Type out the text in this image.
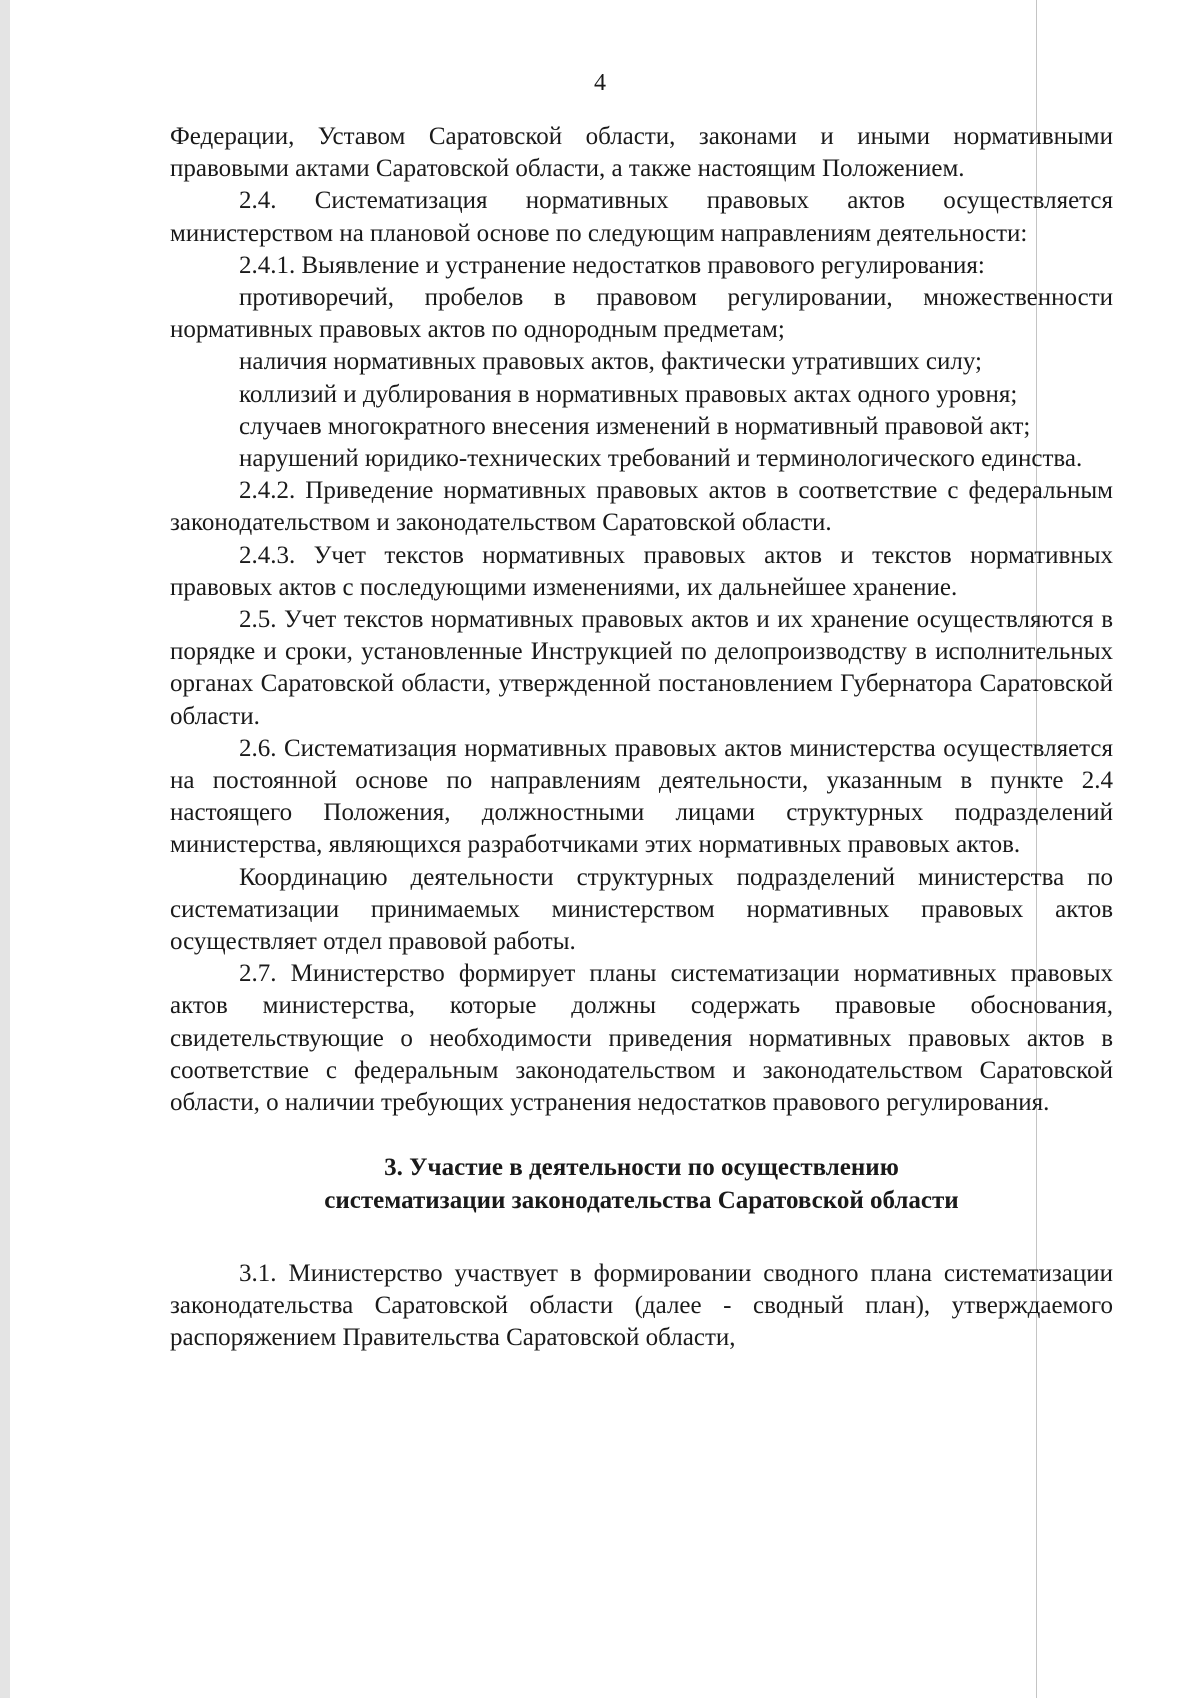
4

Федерации, Уставом Саратовской области, законами и иными нормативными правовыми актами Саратовской области, а также настоящим Положением.

2.4. Систематизация нормативных правовых актов осуществляется министерством на плановой основе по следующим направлениям деятельности:

2.4.1. Выявление и устранение недостатков правового регулирования:

противоречий, пробелов в правовом регулировании, множественности нормативных правовых актов по однородным предметам;

наличия нормативных правовых актов, фактически утративших силу;

коллизий и дублирования в нормативных правовых актах одного уровня;

случаев многократного внесения изменений в нормативный правовой акт;

нарушений юридико-технических требований и терминологического единства.

2.4.2. Приведение нормативных правовых актов в соответствие с федеральным законодательством и законодательством Саратовской области.

2.4.3. Учет текстов нормативных правовых актов и текстов нормативных правовых актов с последующими изменениями, их дальнейшее хранение.

2.5. Учет текстов нормативных правовых актов и их хранение осуществляются в порядке и сроки, установленные Инструкцией по делопроизводству в исполнительных органах Саратовской области, утвержденной постановлением Губернатора Саратовской области.

2.6. Систематизация нормативных правовых актов министерства осуществляется на постоянной основе по направлениям деятельности, указанным в пункте 2.4 настоящего Положения, должностными лицами структурных подразделений министерства, являющихся разработчиками этих нормативных правовых актов.

Координацию деятельности структурных подразделений министерства по систематизации принимаемых министерством нормативных правовых актов осуществляет отдел правовой работы.

2.7. Министерство формирует планы систематизации нормативных правовых актов министерства, которые должны содержать правовые обоснования, свидетельствующие о необходимости приведения нормативных правовых актов в соответствие с федеральным законодательством и законодательством Саратовской области, о наличии требующих устранения недостатков правового регулирования.

3. Участие в деятельности по осуществлению
систематизации законодательства Саратовской области

3.1. Министерство участвует в формировании сводного плана систематизации законодательства Саратовской области (далее - сводный план), утверждаемого распоряжением Правительства Саратовской области,
